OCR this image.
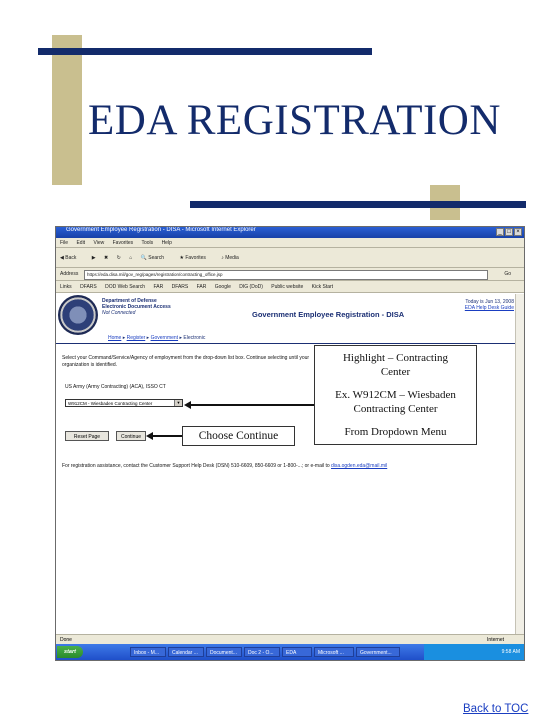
EDA REGISTRATION
Government Employee Registration - DISA - Microsoft Internet Explorer	_ □ ×
File Edit View Favorites Tools Help
◀ Back	▶ ✖ ↻ ⌂ 🔍 Search	★ Favorites	♪ Media
Address	https://eda.disa.mil/gov_reg/pages/registration/contracting_office.jsp	Go
Links DFARS DOD Web Search FAR DFARS FAR Google DIG (DoD) Public website Kick Start
Department of Defense
Electronic Document Access
Not Connected	Government Employee Registration - DISA
Today is Jun 13, 2008
EDA Help Desk Guide
Home ▸ Register ▸ Government ▸ Electronic
Select your Command/Service/Agency of employment from the drop-down list box. Continue selecting until your organization is identified.
US Army (Army Contracting) (ACA), ISSO CT
W912CM - Wiesbaden Contracting Center	▼
Reset Page	Continue
For registration assistance, contact the Customer Support Help Desk (DSN) 510-6609, 850-6609 or 1-800-...; or e-mail to disa.ogden.eda@mail.mil
Done	Internet
start	Inbox - M...	Calendar ...	Document...	Doc 2 - O...	EDA	Microsoft ...	Government...	9:58 AM

Highlight – Contracting

Center

Ex. W912CM – Wiesbaden

Contracting Center

From Dropdown Menu

Choose Continue
Back to TOC
